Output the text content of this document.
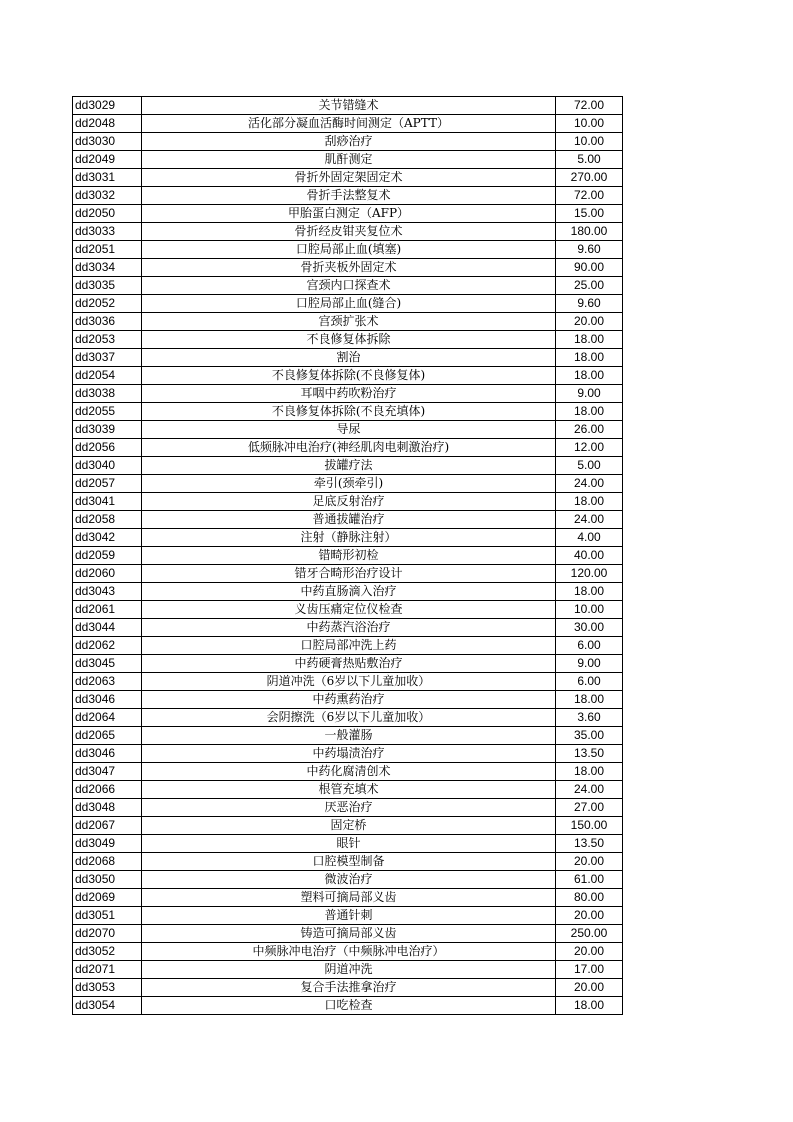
dd3029	关节错缝术	72.00
dd2048	活化部分凝血活酶时间测定（APTT）	10.00
dd3030	刮痧治疗	10.00
dd2049	肌酐测定	5.00
dd3031	骨折外固定架固定术	270.00
dd3032	骨折手法整复术	72.00
dd2050	甲胎蛋白测定（AFP）	15.00
dd3033	骨折经皮钳夹复位术	180.00
dd2051	口腔局部止血(填塞)	9.60
dd3034	骨折夹板外固定术	90.00
dd3035	宫颈内口探查术	25.00
dd2052	口腔局部止血(缝合)	9.60
dd3036	宫颈扩张术	20.00
dd2053	不良修复体拆除	18.00
dd3037	割治	18.00
dd2054	不良修复体拆除(不良修复体)	18.00
dd3038	耳咽中药吹粉治疗	9.00
dd2055	不良修复体拆除(不良充填体)	18.00
dd3039	导尿	26.00
dd2056	低频脉冲电治疗(神经肌肉电刺激治疗)	12.00
dd3040	拔罐疗法	5.00
dd2057	牵引(颈牵引)	24.00
dd3041	足底反射治疗	18.00
dd2058	普通拔罐治疗	24.00
dd3042	注射（静脉注射）	4.00
dd2059	错畸形初检	40.00
dd2060	错牙合畸形治疗设计	120.00
dd3043	中药直肠滴入治疗	18.00
dd2061	义齿压痛定位仪检查	10.00
dd3044	中药蒸汽浴治疗	30.00
dd2062	口腔局部冲洗上药	6.00
dd3045	中药硬膏热贴敷治疗	9.00
dd2063	阴道冲洗（6岁以下儿童加收）	6.00
dd3046	中药熏药治疗	18.00
dd2064	会阴擦洗（6岁以下儿童加收）	3.60
dd2065	一般灌肠	35.00
dd3046	中药塌渍治疗	13.50
dd3047	中药化腐清创术	18.00
dd2066	根管充填术	24.00
dd3048	厌恶治疗	27.00
dd2067	固定桥	150.00
dd3049	眼针	13.50
dd2068	口腔模型制备	20.00
dd3050	微波治疗	61.00
dd2069	塑料可摘局部义齿	80.00
dd3051	普通针刺	20.00
dd2070	铸造可摘局部义齿	250.00
dd3052	中频脉冲电治疗（中频脉冲电治疗）	20.00
dd2071	阴道冲洗	17.00
dd3053	复合手法推拿治疗	20.00
dd3054	口吃检查	18.00
